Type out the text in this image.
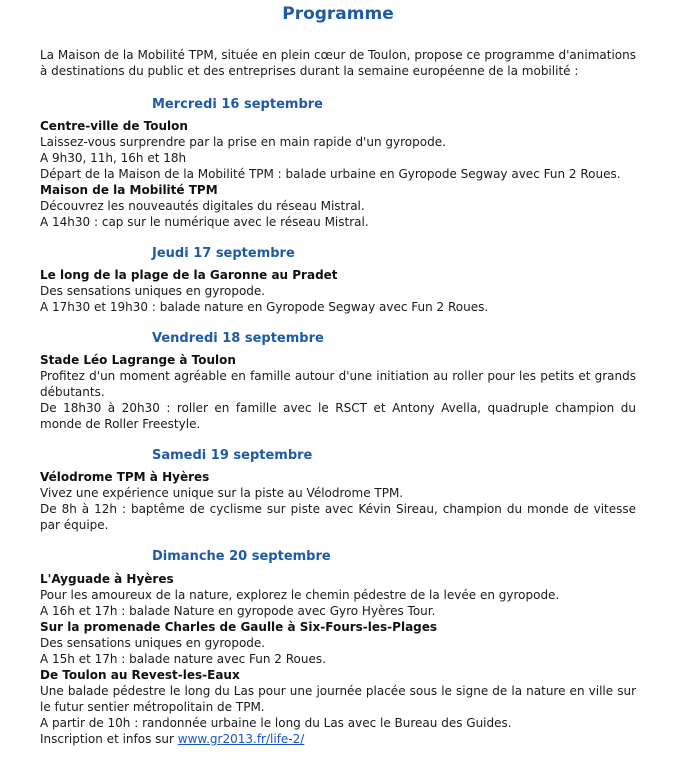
Programme
La Maison de la Mobilité TPM, située en plein cœur de Toulon, propose ce programme d'animations à destinations du public et des entreprises durant la semaine européenne de la mobilité :
Mercredi 16 septembre

Centre-ville de Toulon

Laissez-vous surprendre par la prise en main rapide d'un gyropode.

A 9h30, 11h, 16h et 18h

Départ de la Maison de la Mobilité TPM : balade urbaine en Gyropode Segway avec Fun 2 Roues.

Maison de la Mobilité TPM

Découvrez les nouveautés digitales du réseau Mistral.

A 14h30 : cap sur le numérique avec le réseau Mistral.

Jeudi 17 septembre

Le long de la plage de la Garonne au Pradet

Des sensations uniques en gyropode.

A 17h30 et 19h30 : balade nature en Gyropode Segway avec Fun 2 Roues.

Vendredi 18 septembre

Stade Léo Lagrange à Toulon

Profitez d'un moment agréable en famille autour d'une initiation au roller pour les petits et grands débutants.

De 18h30 à 20h30 : roller en famille avec le RSCT et Antony Avella, quadruple champion du monde de Roller Freestyle.

Samedi 19 septembre

Vélodrome TPM à Hyères

Vivez une expérience unique sur la piste au Vélodrome TPM.

De 8h à 12h : baptême de cyclisme sur piste avec Kévin Sireau, champion du monde de vitesse par équipe.

Dimanche 20 septembre

L'Ayguade à Hyères

Pour les amoureux de la nature, explorez le chemin pédestre de la levée en gyropode.

A 16h et 17h : balade Nature en gyropode avec Gyro Hyères Tour.

Sur la promenade Charles de Gaulle à Six-Fours-les-Plages

Des sensations uniques en gyropode.

A 15h et 17h : balade nature avec Fun 2 Roues.

De Toulon au Revest-les-Eaux

Une balade pédestre le long du Las pour une journée placée sous le signe de la nature en ville sur le futur sentier métropolitain de TPM.

A partir de 10h : randonnée urbaine le long du Las avec le Bureau des Guides.

Inscription et infos sur www.gr2013.fr/life-2/
